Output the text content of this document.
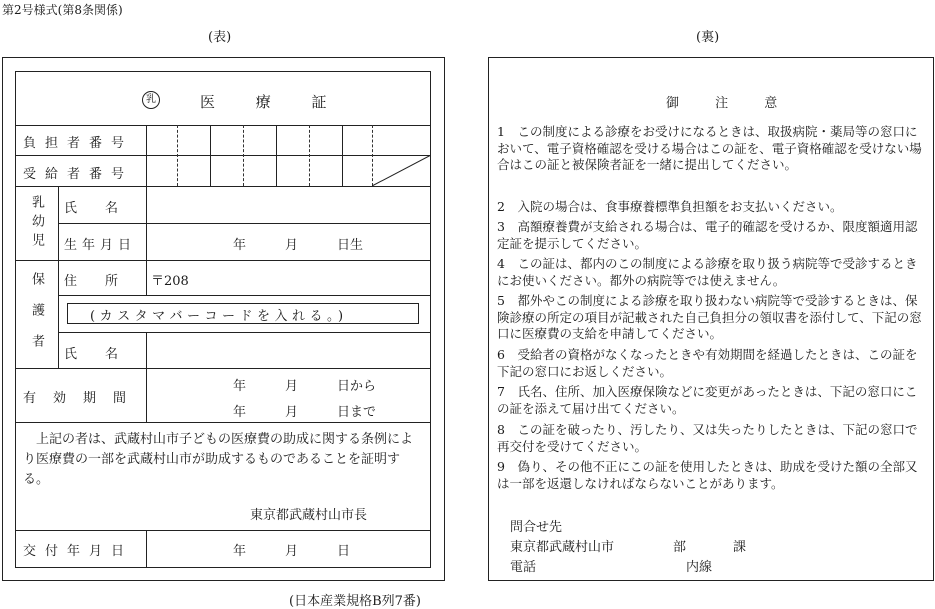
第2号様式(第8条関係)
(表)	(裏)
乳	医 療 証
負担者番号
受給者番号
乳幼児 氏名
生年月日	年　　　月　　　日生
保護者 住所 〒208
(カスタマバーコードを入れる。)
氏名
有効期間
年　　　月　　　日から
年　　　月　　　日まで
上記の者は、武蔵村山市子どもの医療費の助成に関する条例により医療費の一部を武蔵村山市が助成するものであることを証明する。
東京都武蔵村山市長
交付年月日	年　　　月　　　日
(日本産業規格B列7番)
御 注 意
1　この制度による診療をお受けになるときは、取扱病院・薬局等の窓口において、電子資格確認を受ける場合はこの証を、電子資格確認を受けない場合はこの証と被保険者証を一緒に提出してください。
2　入院の場合は、食事療養標準負担額をお支払いください。
3　高額療養費が支給される場合は、電子的確認を受けるか、限度額適用認定証を提示してください。
4　この証は、都内のこの制度による診療を取り扱う病院等で受診するときにお使いください。都外の病院等では使えません。
5　都外やこの制度による診療を取り扱わない病院等で受診するときは、保険診療の所定の項目が記載された自己負担分の領収書を添付して、下記の窓口に医療費の支給を申請してください。
6　受給者の資格がなくなったときや有効期間を経過したときは、この証を下記の窓口にお返しください。
7　氏名、住所、加入医療保険などに変更があったときは、下記の窓口にこの証を添えて届け出てください。
8　この証を破ったり、汚したり、又は失ったりしたときは、下記の窓口で再交付を受けてください。
9　偽り、その他不正にこの証を使用したときは、助成を受けた額の全部又は一部を返還しなければならないことがあります。
問合せ先
東京都武蔵村山市	部	課
電話	内線
